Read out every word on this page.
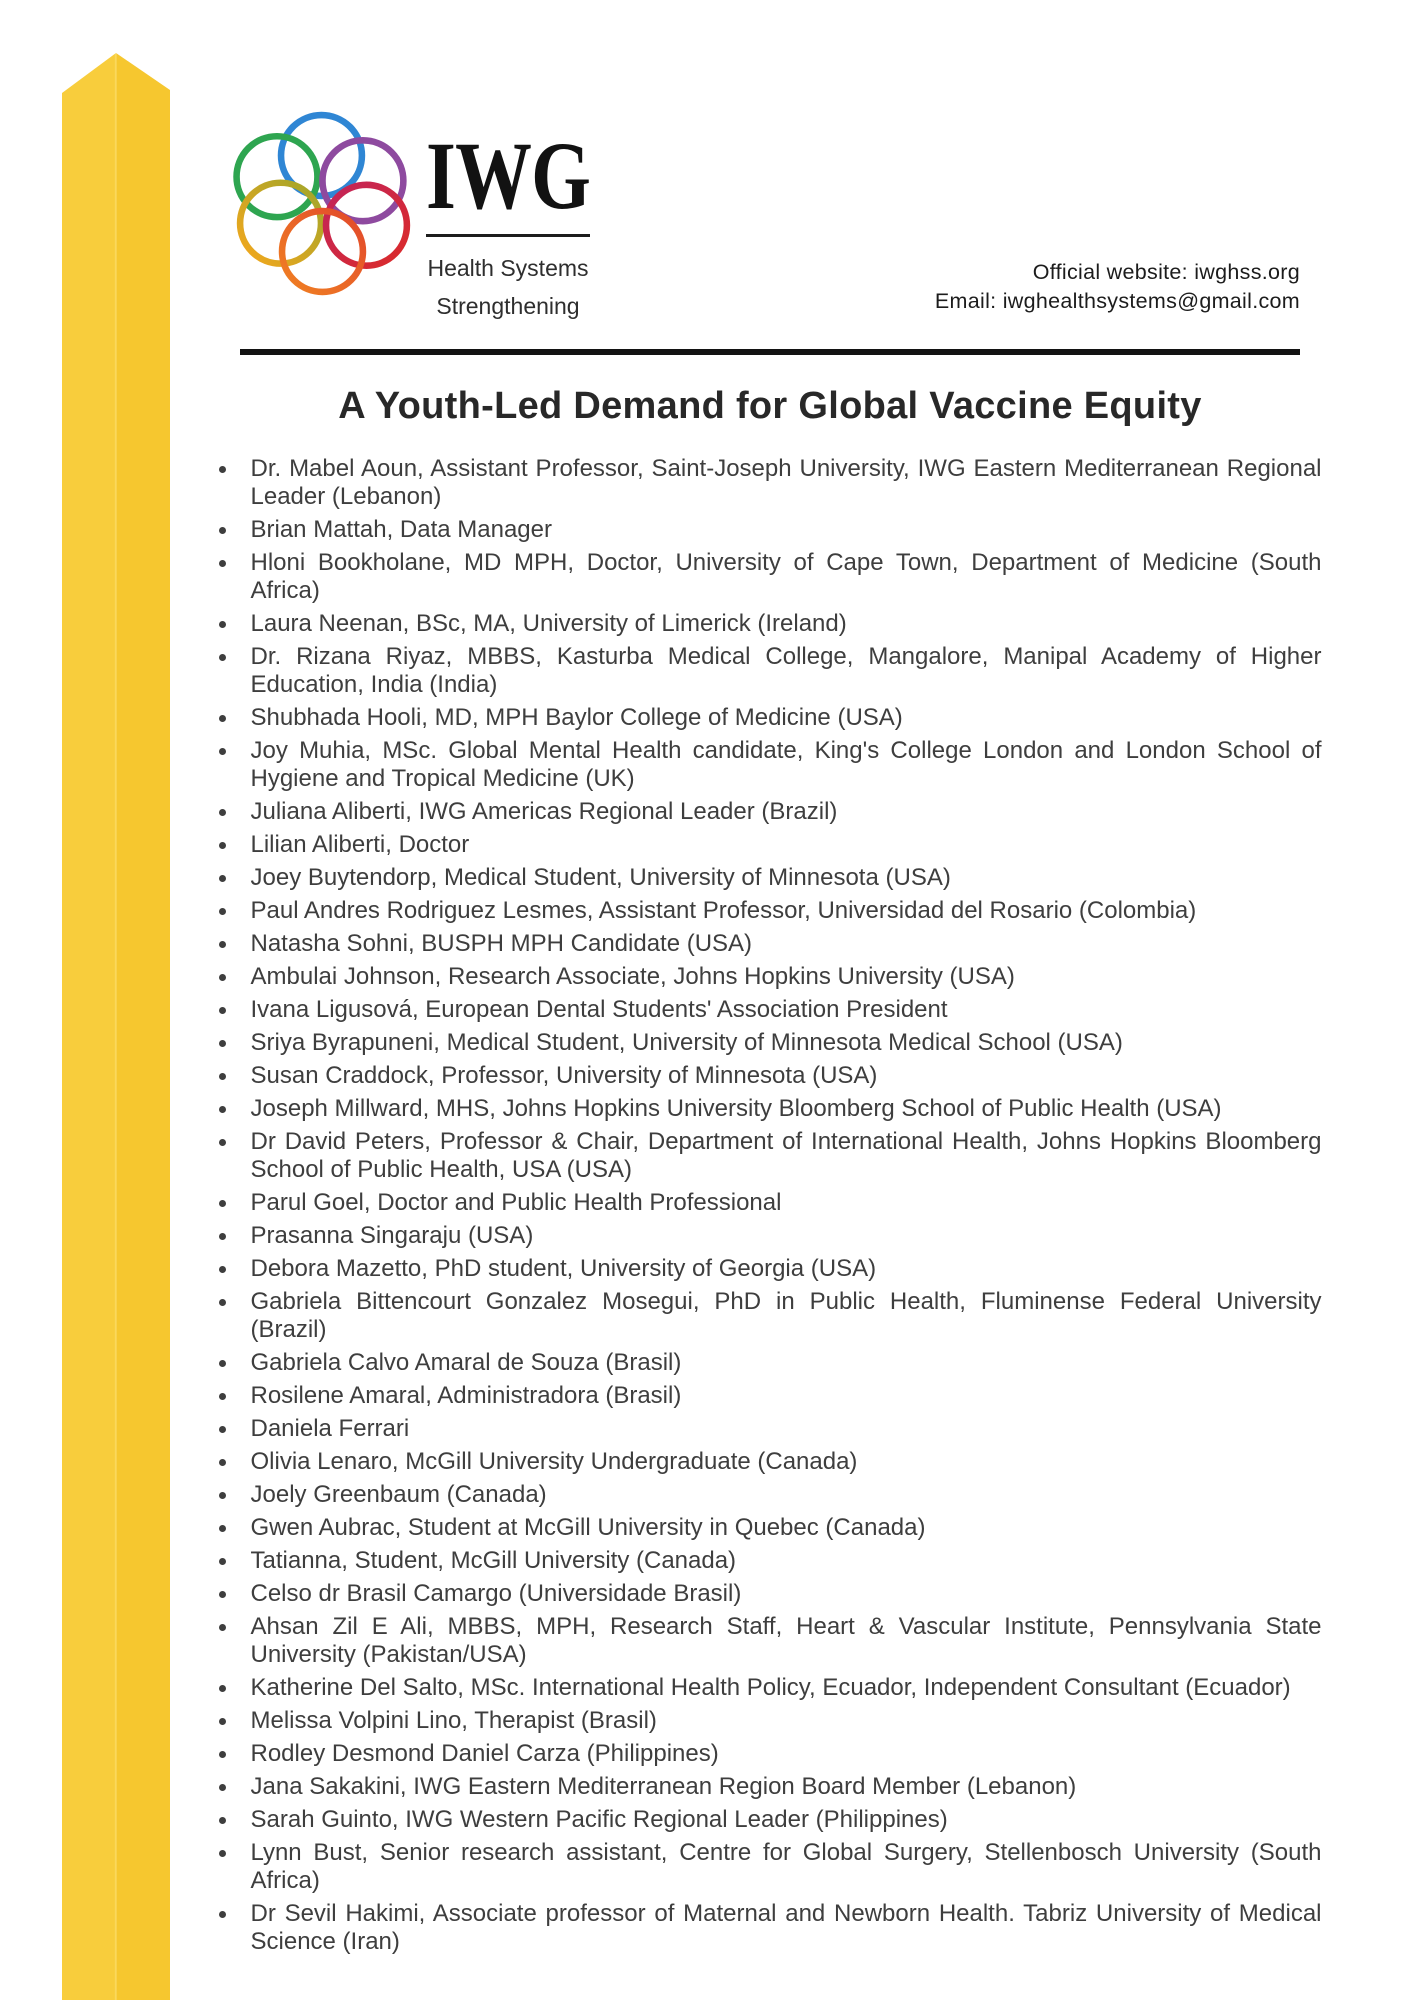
IWG
Health Systems
Strengthening
Official website: iwghss.org
Email: iwghealthsystems@gmail.com
A Youth-Led Demand for Global Vaccine Equity
Dr. Mabel Aoun, Assistant Professor, Saint-Joseph University, IWG Eastern Mediterranean Regional Leader (Lebanon)
Brian Mattah, Data Manager
Hloni Bookholane, MD MPH, Doctor, University of Cape Town, Department of Medicine (South Africa)
Laura Neenan, BSc, MA, University of Limerick (Ireland)
Dr. Rizana Riyaz, MBBS, Kasturba Medical College, Mangalore, Manipal Academy of Higher Education, India (India)
Shubhada Hooli, MD, MPH Baylor College of Medicine (USA)
Joy Muhia, MSc. Global Mental Health candidate, King's College London and London School of Hygiene and Tropical Medicine (UK)
Juliana Aliberti, IWG Americas Regional Leader (Brazil)
Lilian Aliberti, Doctor
Joey Buytendorp, Medical Student, University of Minnesota (USA)
Paul Andres Rodriguez Lesmes, Assistant Professor, Universidad del Rosario (Colombia)
Natasha Sohni, BUSPH MPH Candidate (USA)
Ambulai Johnson, Research Associate, Johns Hopkins University (USA)
Ivana Ligusová, European Dental Students' Association President
Sriya Byrapuneni, Medical Student, University of Minnesota Medical School (USA)
Susan Craddock, Professor, University of Minnesota (USA)
Joseph Millward, MHS, Johns Hopkins University Bloomberg School of Public Health (USA)
Dr David Peters, Professor & Chair, Department of International Health, Johns Hopkins Bloomberg School of Public Health, USA (USA)
Parul Goel, Doctor and Public Health Professional
Prasanna Singaraju (USA)
Debora Mazetto, PhD student, University of Georgia (USA)
Gabriela Bittencourt Gonzalez Mosegui, PhD in Public Health, Fluminense Federal University (Brazil)
Gabriela Calvo Amaral de Souza (Brasil)
Rosilene Amaral, Administradora (Brasil)
Daniela Ferrari
Olivia Lenaro, McGill University Undergraduate (Canada)
Joely Greenbaum (Canada)
Gwen Aubrac, Student at McGill University in Quebec (Canada)
Tatianna, Student, McGill University (Canada)
Celso dr Brasil Camargo (Universidade Brasil)
Ahsan Zil E Ali, MBBS, MPH, Research Staff, Heart & Vascular Institute, Pennsylvania State University (Pakistan/USA)
Katherine Del Salto, MSc. International Health Policy, Ecuador, Independent Consultant (Ecuador)
Melissa Volpini Lino, Therapist (Brasil)
Rodley Desmond Daniel Carza (Philippines)
Jana Sakakini, IWG Eastern Mediterranean Region Board Member (Lebanon)
Sarah Guinto, IWG Western Pacific Regional Leader (Philippines)
Lynn Bust, Senior research assistant, Centre for Global Surgery, Stellenbosch University (South Africa)
Dr Sevil Hakimi, Associate professor of Maternal and Newborn Health. Tabriz University of Medical Science (Iran)
